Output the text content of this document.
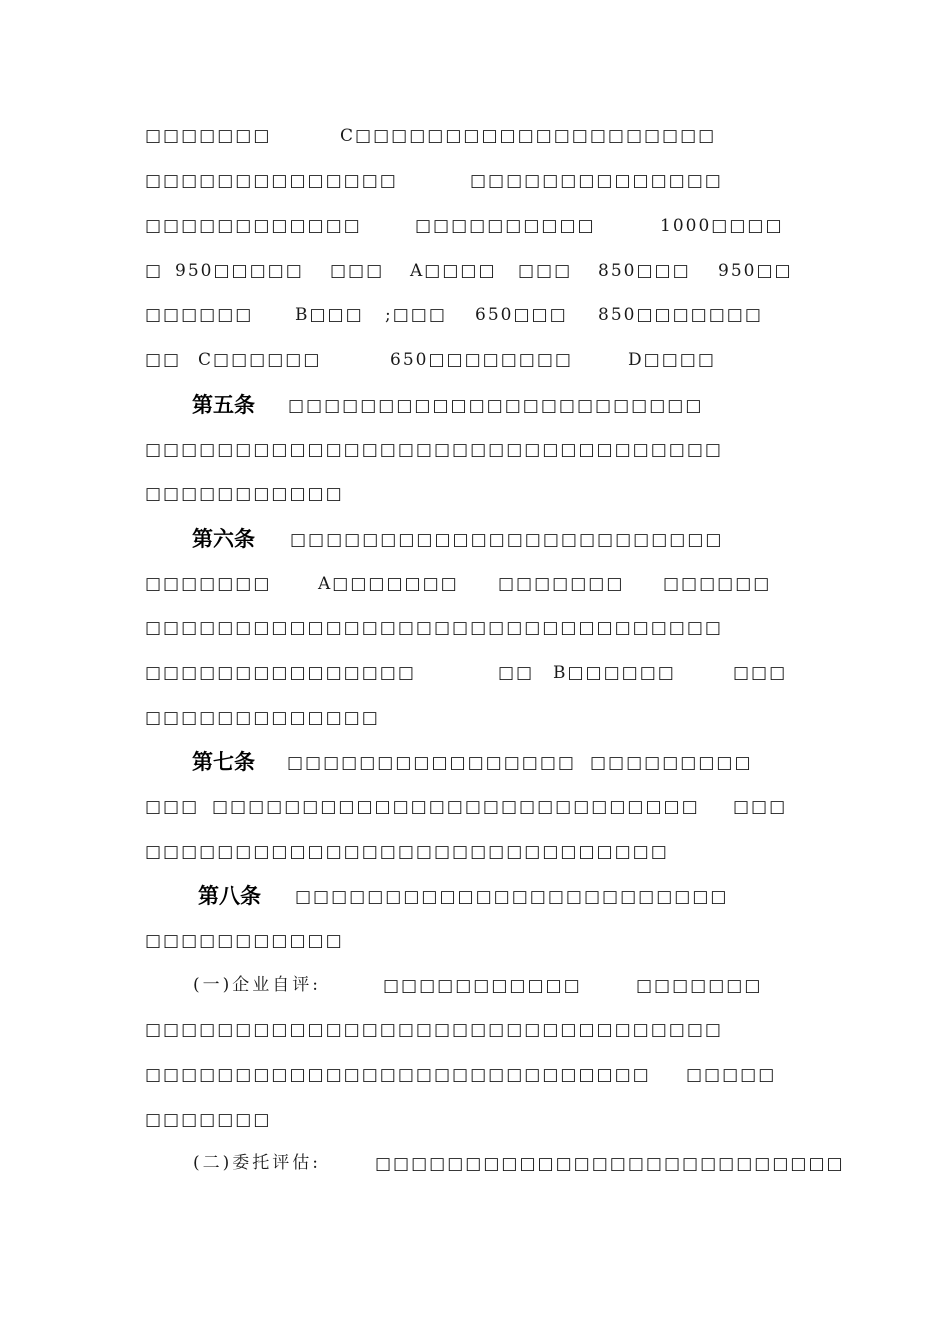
□□□□□□□	C□□□□□□□□□□□□□□□□□□□□
□□□□□□□□□□□□□□	□□□□□□□□□□□□□□
□□□□□□□□□□□□	□□□□□□□□□□	1000□□□□
□ 950□□□□□ □□□ A□□□□ □□□ 850□□□ 950□□
□□□□□□ B□□□ ;□□□ 650□□□ 850□□□□□□□
□□ C□□□□□□	650□□□□□□□□	D□□□□
第五条 □□□□□□□□□□□□□□□□□□□□□□□
□□□□□□□□□□□□□□□□□□□□□□□□□□□□□□□□
□□□□□□□□□□□
第六条 □□□□□□□□□□□□□□□□□□□□□□□□
□□□□□□□	A□□□□□□□ □□□□□□□ □□□□□□
□□□□□□□□□□□□□□□□□□□□□□□□□□□□□□□□
□□□□□□□□□□□□□□□	□□ B□□□□□□	□□□
□□□□□□□□□□□□□
第七条 □□□□□□□□□□□□□□□□ □□□□□□□□□
□□□ □□□□□□□□□□□□□□□□□□□□□□□□□□□ □□□
□□□□□□□□□□□□□□□□□□□□□□□□□□□□□
第八条 □□□□□□□□□□□□□□□□□□□□□□□□
□□□□□□□□□□□
(一)企业自评:	□□□□□□□□□□□	□□□□□□□
□□□□□□□□□□□□□□□□□□□□□□□□□□□□□□□□
□□□□□□□□□□□□□□□□□□□□□□□□□□□□ □□□□□
□□□□□□□
(二)委托评估:	□□□□□□□□□□□□□□□□□□□□□□□□□□
